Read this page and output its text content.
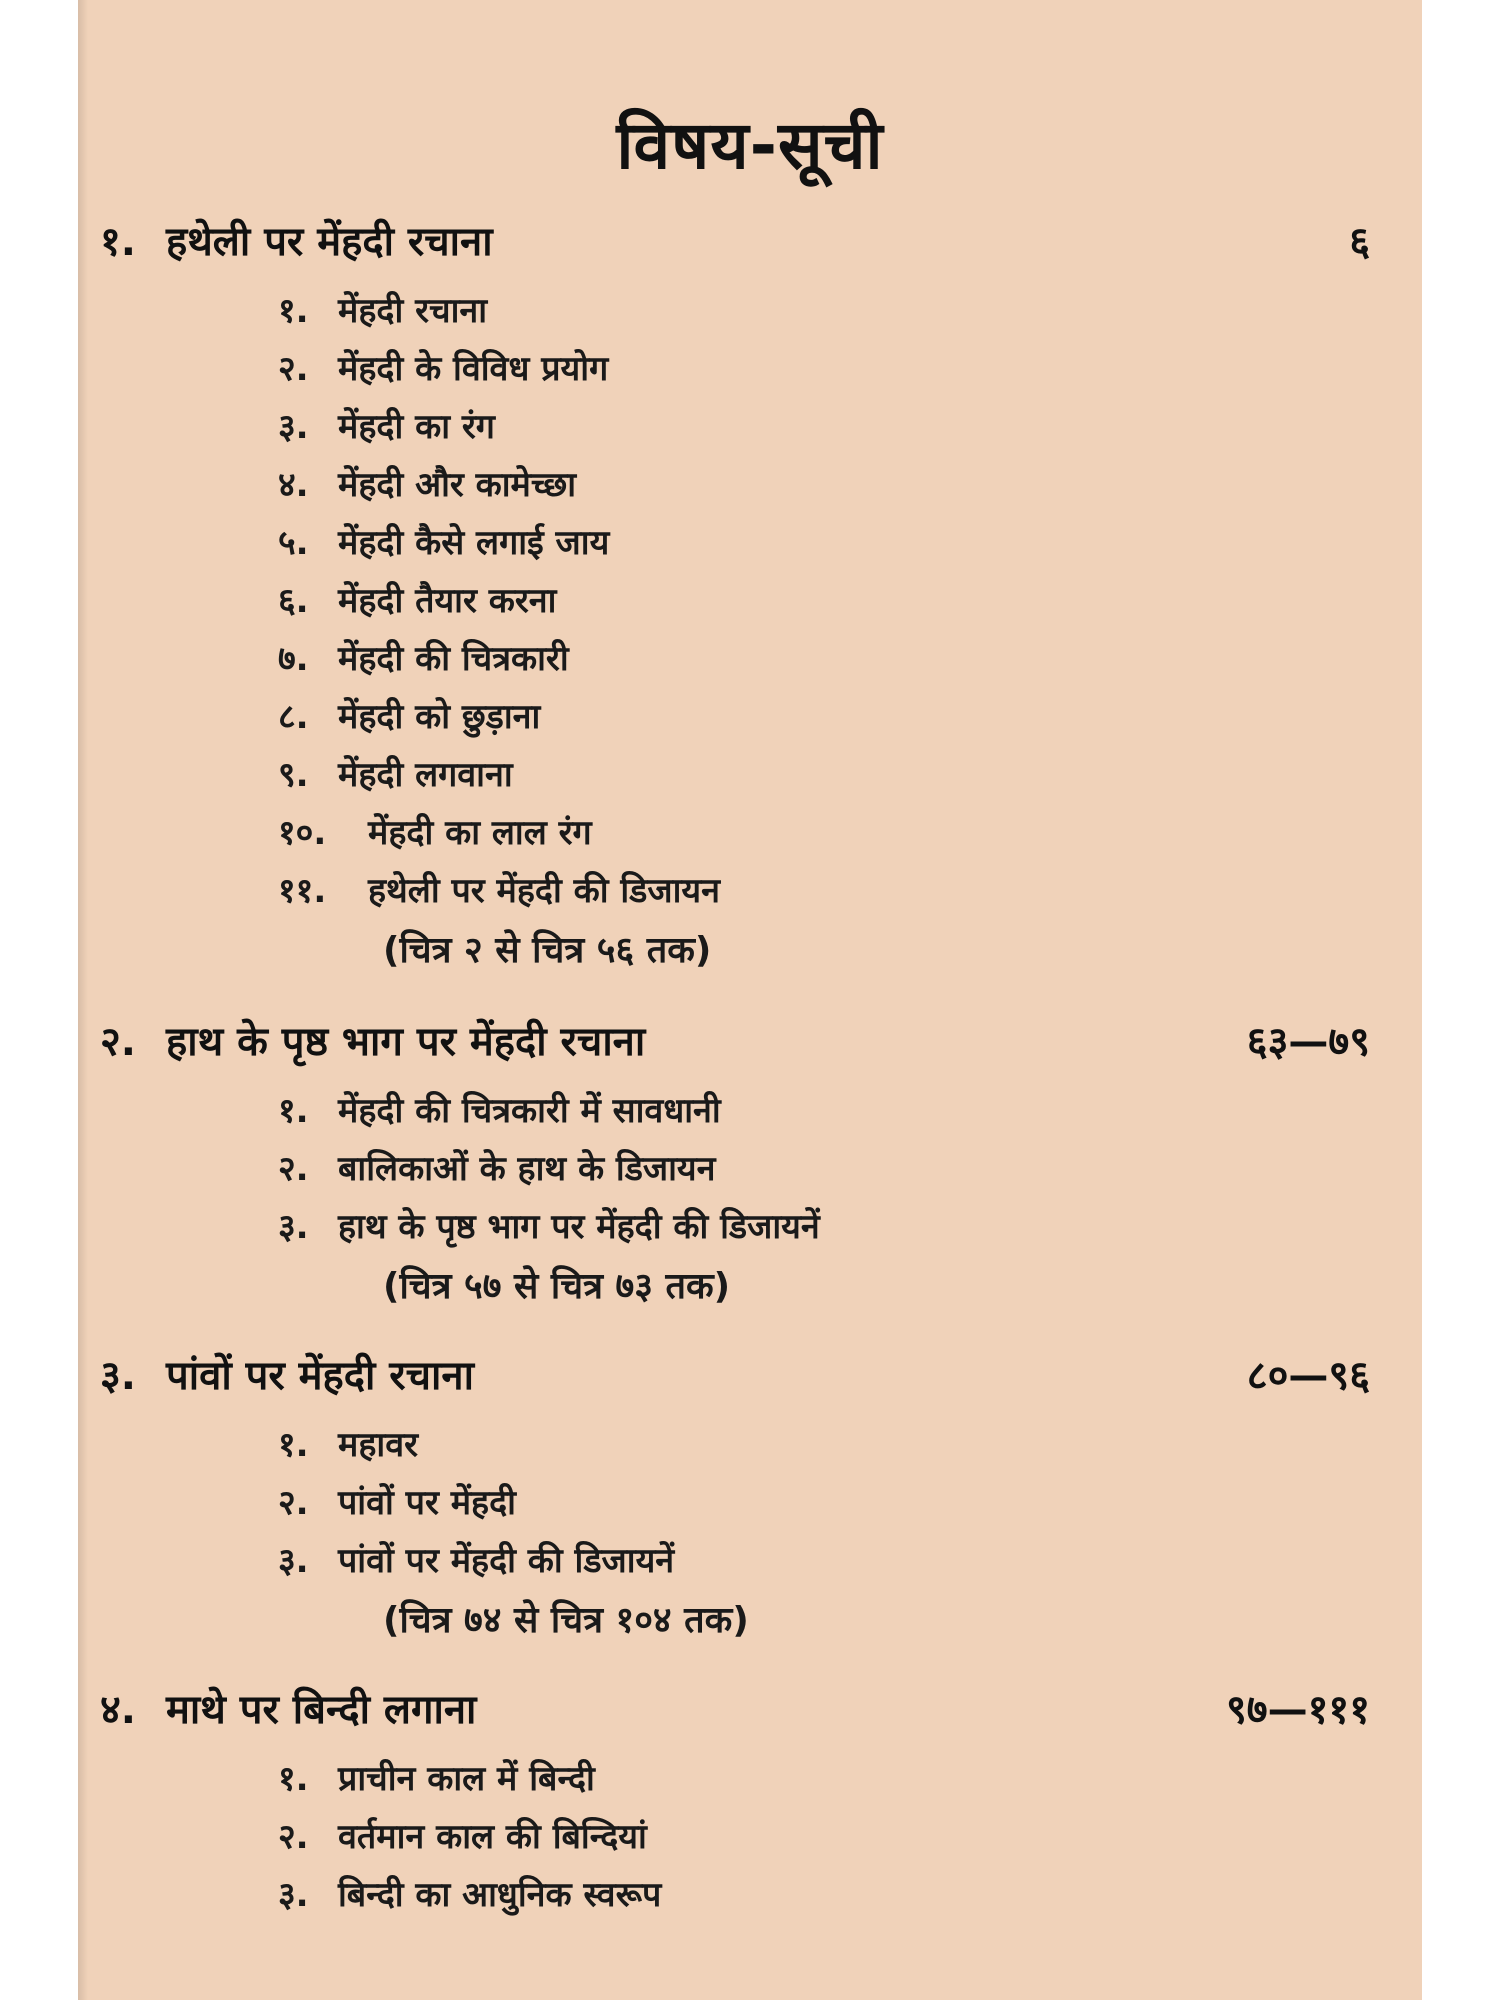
विषय-सूची
१. हथेली पर मेंहदी रचाना	६
१. मेंहदी रचाना
२. मेंहदी के विविध प्रयोग
३. मेंहदी का रंग
४. मेंहदी और कामेच्छा
५. मेंहदी कैसे लगाई जाय
६. मेंहदी तैयार करना
७. मेंहदी की चित्रकारी
८. मेंहदी को छुड़ाना
९. मेंहदी लगवाना
१०. मेंहदी का लाल रंग
११. हथेली पर मेंहदी की डिजायन
(चित्र २ से चित्र ५६ तक)
२. हाथ के पृष्ठ भाग पर मेंहदी रचाना	६३—७९
१. मेंहदी की चित्रकारी में सावधानी
२. बालिकाओं के हाथ के डिजायन
३. हाथ के पृष्ठ भाग पर मेंहदी की डिजायनें
(चित्र ५७ से चित्र ७३ तक)
३. पांवों पर मेंहदी रचाना	८०—९६
१. महावर
२. पांवों पर मेंहदी
३. पांवों पर मेंहदी की डिजायनें
(चित्र ७४ से चित्र १०४ तक)
४. माथे पर बिन्दी लगाना	९७—१११
१. प्राचीन काल में बिन्दी
२. वर्तमान काल की बिन्दियां
३. बिन्दी का आधुनिक स्वरूप
